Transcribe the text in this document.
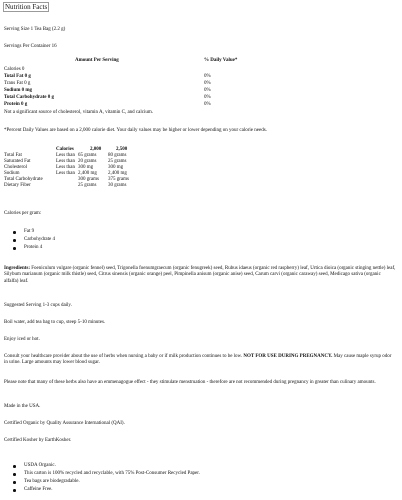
Nutrition Facts
Serving Size 1 Tea Bag (2.2 g)
Servings Per Container 16
Amount Per Serving	% Daily Value*
Calories 0
Total Fat 0 g	0%
Trans Fat 0 g	0%
Sodium 0 mg	0%
Total Carbohydrate 0 g	0%
Protein 0 g	0%
Not a significant source of cholesterol, vitamin A, vitamin C, and calcium.
*Percent Daily Values are based on a 2,000 calorie diet. Your daily values may be higher or lower depending on your calorie needs.
Calories	2,000	2,500
Total Fat	Less than 65 grams	80 grams
Saturated Fat	Less than 20 grams	25 grams
Cholesterol	Less than 300 mg	300 mg
Sodium	Less than 2,400 mg	2,400 mg
Total Carbohydrate	300 grams	375 grams
Dietary Fiber	25 grams	30 grams
Calories per gram:
Fat 9
Carbohydrate 4
Protein 4
Ingredients: Foeniculum vulgare (organic fennel) seed, Trigonella foenumgraecum (organic fenugreek) seed, Rubus idaeus (organic red raspberry) leaf, Urtica dioica (organic stinging nettle) leaf, Silybum marianum (organic milk thistle) seed, Citrus sinensis (organic orange) peel, Pimpinella anisum (organic anise) seed, Carum carvi (organic caraway) seed, Medicago sativa (organic alfalfa) leaf.
Suggested Serving 1-3 cups daily.
Boil water, add tea bag to cup, steep 5-10 minutes.
Enjoy iced or hot.
Consult your healthcare provider about the use of herbs when nursing a baby or if milk production continues to be low. NOT FOR USE DURING PREGNANCY. May cause maple syrup odor in urine. Large amounts may lower blood sugar.
Please note that many of these herbs also have an emmenagogue effect - they stimulate menstruation - therefore are not recommended during pregnancy in greater than culinary amounts.
Made in the USA.
Certified Organic by Quality Assurance International (QAI).
Certified Kosher by EarthKosher.
USDA Organic.
This carton is 100% recycled and recyclable, with 75% Post-Consumer Recycled Paper.
Tea bags are biodegradable.
Caffeine Free.
